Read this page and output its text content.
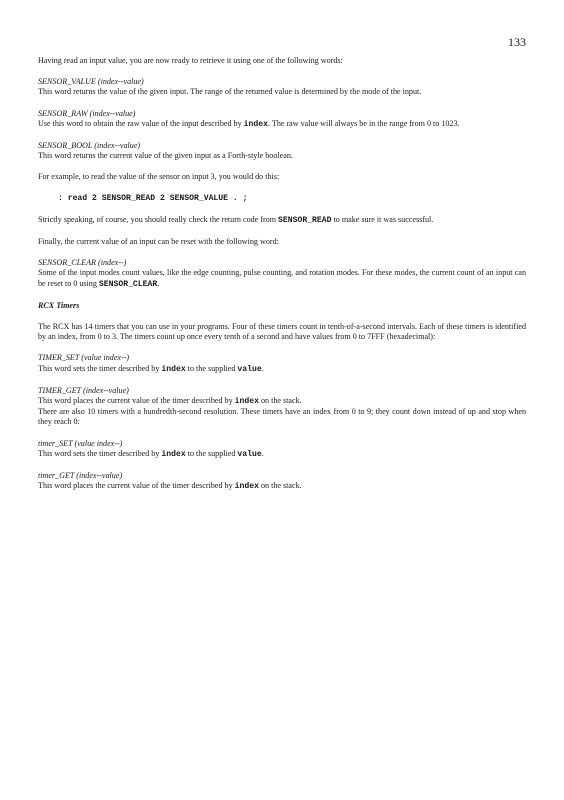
133

Having read an input value, you are now ready to retrieve it using one of the following words:

SENSOR_VALUE (index--value)

This word returns the value of the given input. The range of the returned value is determined by the mode of the input.

SENSOR_RAW (index--value)

Use this word to obtain the raw value of the input described by index. The raw value will always be in the range from 0 to 1023.

SENSOR_BOOL (index--value)

This word returns the current value of the given input as a Forth-style boolean.

For example, to read the value of the sensor on input 3, you would do this:

: read 2 SENSOR_READ 2 SENSOR_VALUE . ;

Strictly speaking, of course, you should really check the return code from SENSOR_READ to make sure it was successful.

Finally, the current value of an input can be reset with the following word:

SENSOR_CLEAR (index--)

Some of the input modes count values, like the edge counting, pulse counting, and rotation modes. For these modes, the current count of an input can be reset to 0 using SENSOR_CLEAR.

RCX Timers

The RCX has 14 timers that you can use in your programs. Four of these timers count in tenth-of-a-second intervals. Each of these timers is identified by an index, from 0 to 3. The timers count up once every tenth of a second and have values from 0 to 7FFF (hexadecimal):

TIMER_SET (value index--)

This word sets the timer described by index to the supplied value.

TIMER_GET (index--value)

This word places the current value of the timer described by index on the stack.

There are also 10 timers with a hundredth-second resolution. These timers have an index from 0 to 9; they count down instead of up and stop when they reach 0:

timer_SET (value index--)

This word sets the timer described by index to the supplied value.

timer_GET (index--value)

This word places the current value of the timer described by index on the stack.
